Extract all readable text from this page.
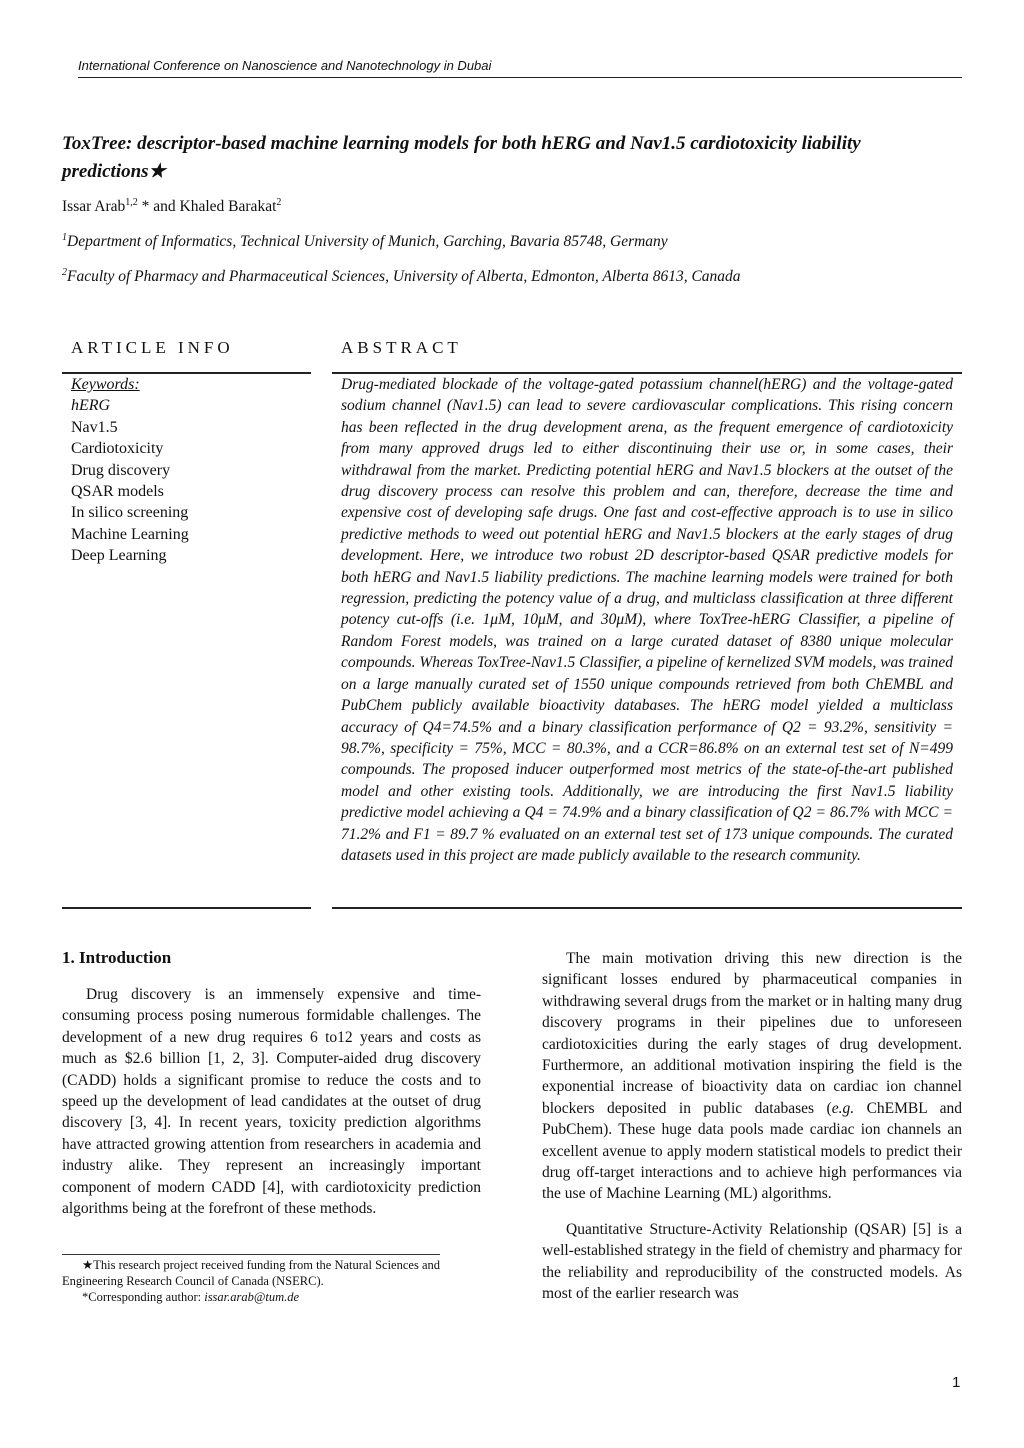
International Conference on Nanoscience and Nanotechnology in Dubai
ToxTree: descriptor-based machine learning models for both hERG and Nav1.5 cardiotoxicity liability predictions★
Issar Arab$^{1,2}$ * and Khaled Barakat$^2$
$^1$Department of Informatics, Technical University of Munich, Garching, Bavaria 85748, Germany
$^2$Faculty of Pharmacy and Pharmaceutical Sciences, University of Alberta, Edmonton, Alberta 8613, Canada
ARTICLE INFO	ABSTRACT
Keywords:
hERG
Nav1.5
Cardiotoxicity
Drug discovery
QSAR models
In silico screening
Machine Learning
Deep Learning
Drug-mediated blockade of the voltage-gated potassium channel(hERG) and the voltage-gated sodium channel (Nav1.5) can lead to severe cardiovascular complications. This rising concern has been reflected in the drug development arena, as the frequent emergence of cardiotoxicity from many approved drugs led to either discontinuing their use or, in some cases, their withdrawal from the market. Predicting potential hERG and Nav1.5 blockers at the outset of the drug discovery process can resolve this problem and can, therefore, decrease the time and expensive cost of developing safe drugs. One fast and cost-effective approach is to use in silico predictive methods to weed out potential hERG and Nav1.5 blockers at the early stages of drug development. Here, we introduce two robust 2D descriptor-based QSAR predictive models for both hERG and Nav1.5 liability predictions. The machine learning models were trained for both regression, predicting the potency value of a drug, and multiclass classification at three different potency cut-offs (i.e. 1μM, 10μM, and 30μM), where ToxTree-hERG Classifier, a pipeline of Random Forest models, was trained on a large curated dataset of 8380 unique molecular compounds. Whereas ToxTree-Nav1.5 Classifier, a pipeline of kernelized SVM models, was trained on a large manually curated set of 1550 unique compounds retrieved from both ChEMBL and PubChem publicly available bioactivity databases. The hERG model yielded a multiclass accuracy of Q4=74.5% and a binary classification performance of Q2 = 93.2%, sensitivity = 98.7%, specificity = 75%, MCC = 80.3%, and a CCR=86.8% on an external test set of N=499 compounds. The proposed inducer outperformed most metrics of the state-of-the-art published model and other existing tools. Additionally, we are introducing the first Nav1.5 liability predictive model achieving a Q4 = 74.9% and a binary classification of Q2 = 86.7% with MCC = 71.2% and F1 = 89.7 % evaluated on an external test set of 173 unique compounds. The curated datasets used in this project are made publicly available to the research community.
1. Introduction

Drug discovery is an immensely expensive and time-consuming process posing numerous formidable challenges. The development of a new drug requires 6 to12 years and costs as much as $2.6 billion [1, 2, 3]. Computer-aided drug discovery (CADD) holds a significant promise to reduce the costs and to speed up the development of lead candidates at the outset of drug discovery [3, 4]. In recent years, toxicity prediction algorithms have attracted growing attention from researchers in academia and industry alike. They represent an increasingly important component of modern CADD [4], with cardiotoxicity prediction algorithms being at the forefront of these methods.

★This research project received funding from the Natural Sciences and Engineering Research Council of Canada (NSERC).
*Corresponding author: issar.arab@tum.de

The main motivation driving this new direction is the significant losses endured by pharmaceutical companies in withdrawing several drugs from the market or in halting many drug discovery programs in their pipelines due to unforeseen cardiotoxicities during the early stages of drug development. Furthermore, an additional motivation inspiring the field is the exponential increase of bioactivity data on cardiac ion channel blockers deposited in public databases (e.g. ChEMBL and PubChem). These huge data pools made cardiac ion channels an excellent avenue to apply modern statistical models to predict their drug off-target interactions and to achieve high performances via the use of Machine Learning (ML) algorithms.

Quantitative Structure-Activity Relationship (QSAR) [5] is a well-established strategy in the field of chemistry and pharmacy for the reliability and reproducibility of the constructed models. As most of the earlier research was

1
